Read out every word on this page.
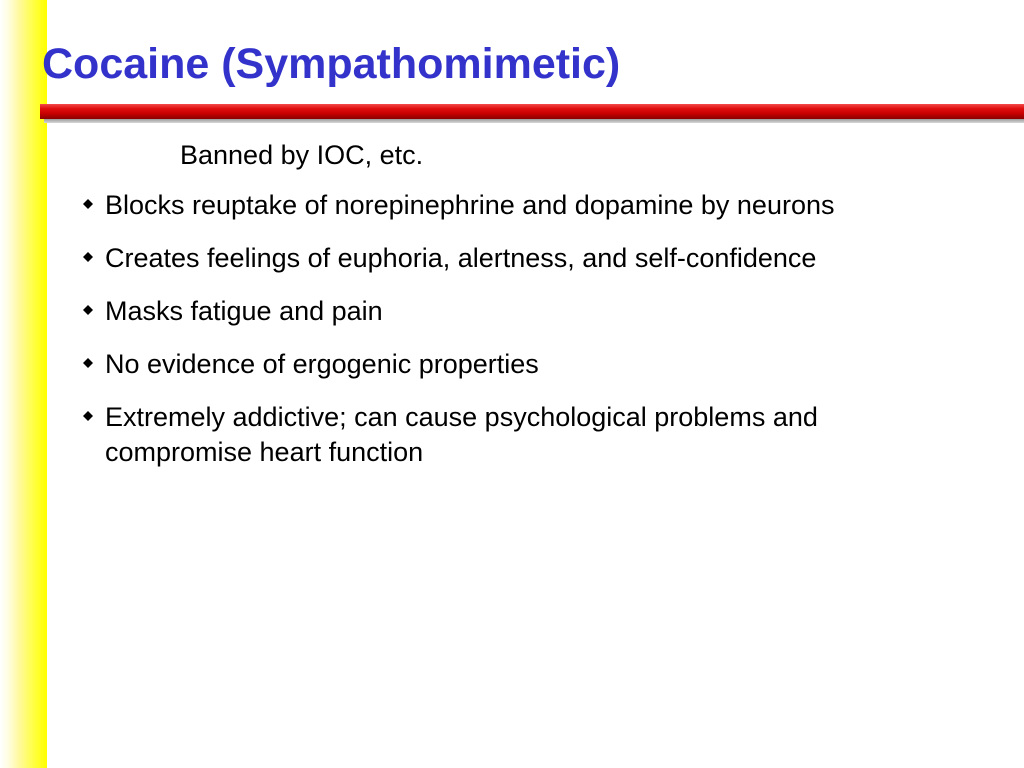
Cocaine (Sympathomimetic)

Banned by IOC, etc.

Blocks reuptake of norepinephrine and dopamine by neurons
Creates feelings of euphoria, alertness, and self-confidence
Masks fatigue and pain
No evidence of ergogenic properties
Extremely addictive; can cause psychological problems and compromise heart function
